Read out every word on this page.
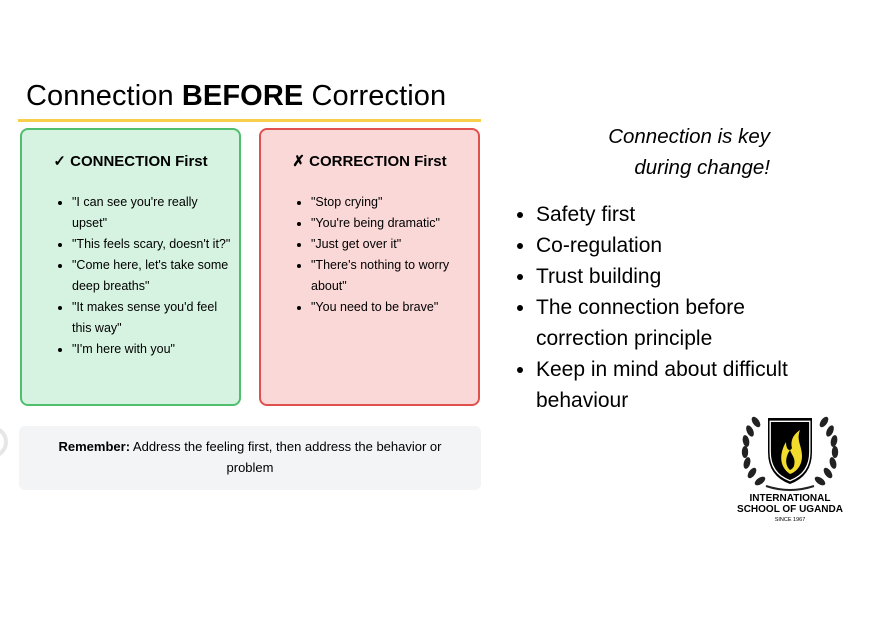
Connection BEFORE Correction
✓ CONNECTION First
• "I can see you're really upset"
• "This feels scary, doesn't it?"
• "Come here, let's take some deep breaths"
• "It makes sense you'd feel this way"
• "I'm here with you"
✗ CORRECTION First
• "Stop crying"
• "You're being dramatic"
• "Just get over it"
• "There's nothing to worry about"
• "You need to be brave"
Remember: Address the feeling first, then address the behavior or problem

Connection is key
during change!

• Safety first
• Co-regulation
• Trust building
• The connection before correction principle
• Keep in mind about difficult behaviour
INTERNATIONAL
SCHOOL OF UGANDA
SINCE 1967
